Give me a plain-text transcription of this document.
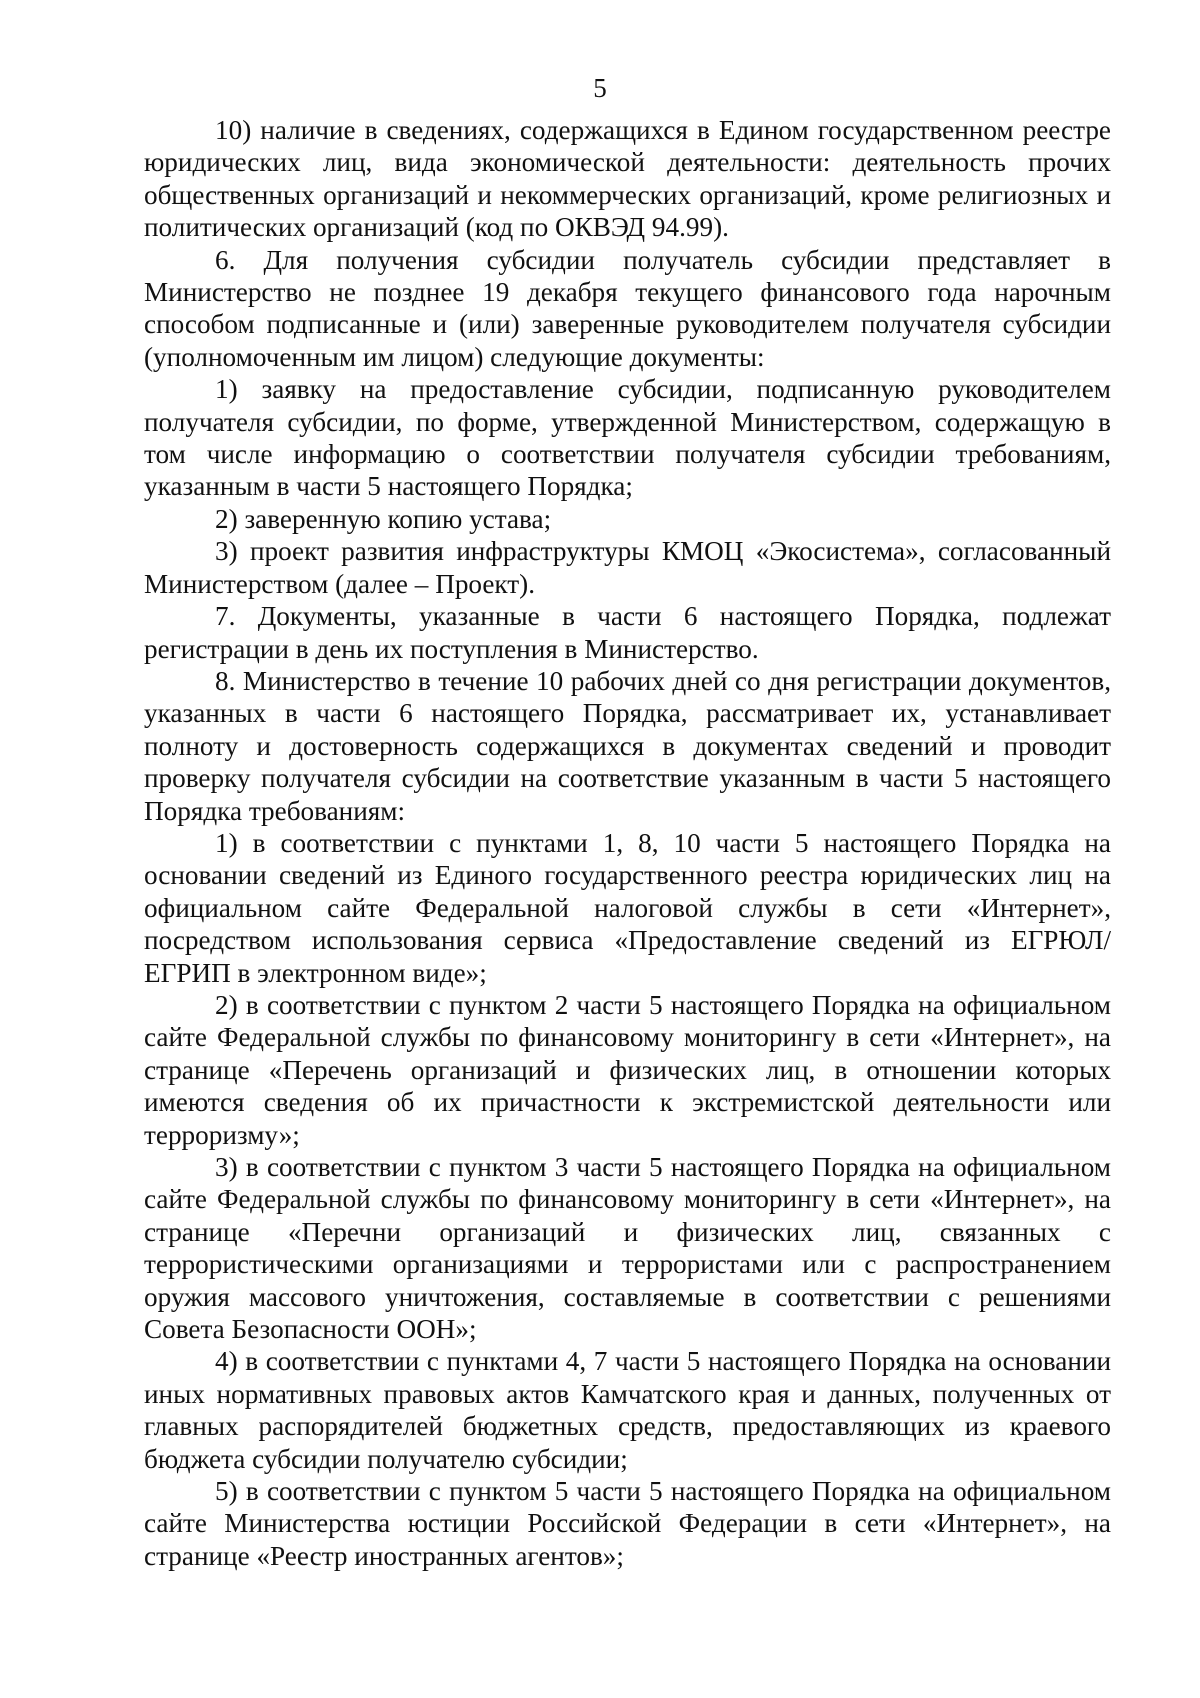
5

10) наличие в сведениях, содержащихся в Едином государственном реестре юридических лиц, вида экономической деятельности: деятельность прочих общественных организаций и некоммерческих организаций, кроме религиозных и политических организаций (код по ОКВЭД 94.99).

6. Для получения субсидии получатель субсидии представляет в Министерство не позднее 19 декабря текущего финансового года нарочным способом подписанные и (или) заверенные руководителем получателя субсидии (уполномоченным им лицом) следующие документы:

1) заявку на предоставление субсидии, подписанную руководителем получателя субсидии, по форме, утвержденной Министерством, содержащую в том числе информацию о соответствии получателя субсидии требованиям, указанным в части 5 настоящего Порядка;

2) заверенную копию устава;

3) проект развития инфраструктуры КМОЦ «Экосистема», согласованный Министерством (далее – Проект).

7. Документы, указанные в части 6 настоящего Порядка, подлежат регистрации в день их поступления в Министерство.

8. Министерство в течение 10 рабочих дней со дня регистрации документов, указанных в части 6 настоящего Порядка, рассматривает их, устанавливает полноту и достоверность содержащихся в документах сведений и проводит проверку получателя субсидии на соответствие указанным в части 5 настоящего Порядка требованиям:

1) в соответствии с пунктами 1, 8, 10 части 5 настоящего Порядка на основании сведений из Единого государственного реестра юридических лиц на официальном сайте Федеральной налоговой службы в сети «Интернет», посредством использования сервиса «Предоставление сведений из ЕГРЮЛ/ЕГРИП в электронном виде»;

2) в соответствии с пунктом 2 части 5 настоящего Порядка на официальном сайте Федеральной службы по финансовому мониторингу в сети «Интернет», на странице «Перечень организаций и физических лиц, в отношении которых имеются сведения об их причастности к экстремистской деятельности или терроризму»;

3) в соответствии с пунктом 3 части 5 настоящего Порядка на официальном сайте Федеральной службы по финансовому мониторингу в сети «Интернет», на странице «Перечни организаций и физических лиц, связанных с террористическими организациями и террористами или с распространением оружия массового уничтожения, составляемые в соответствии с решениями Совета Безопасности ООН»;

4) в соответствии с пунктами 4, 7 части 5 настоящего Порядка на основании иных нормативных правовых актов Камчатского края и данных, полученных от главных распорядителей бюджетных средств, предоставляющих из краевого бюджета субсидии получателю субсидии;

5) в соответствии с пунктом 5 части 5 настоящего Порядка на официальном сайте Министерства юстиции Российской Федерации в сети «Интернет», на странице «Реестр иностранных агентов»;
